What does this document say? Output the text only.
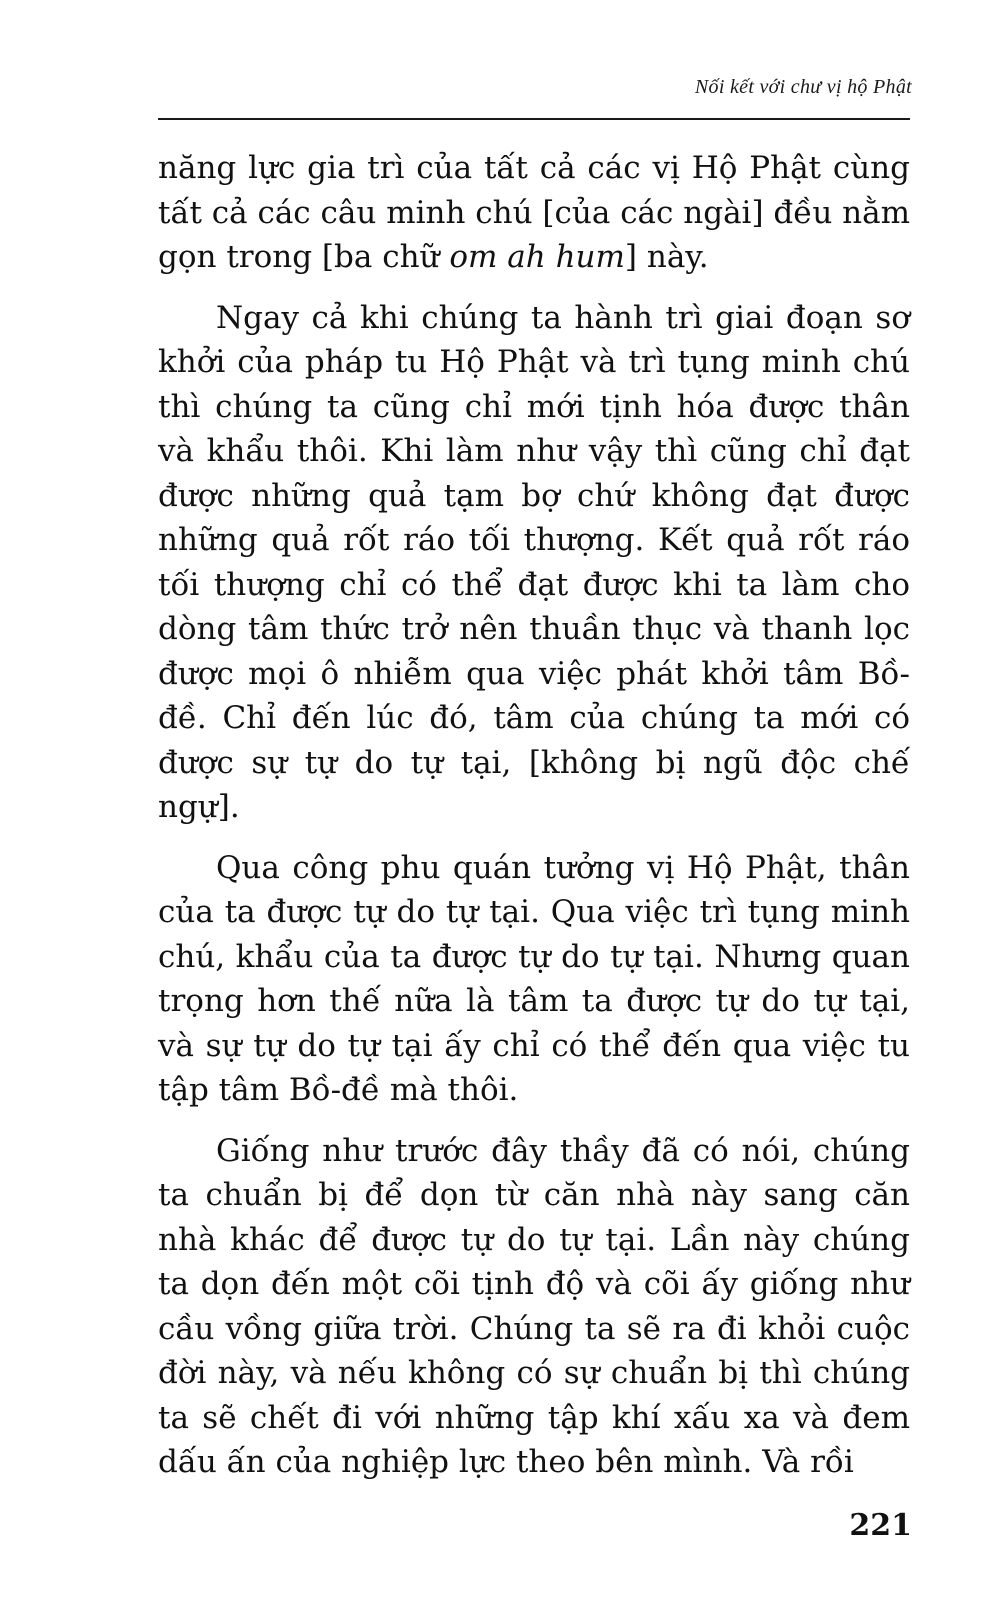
Nối kết với chư vị hộ Phật

năng lực gia trì của tất cả các vị Hộ Phật cùng tất cả các câu minh chú [của các ngài] đều nằm gọn trong [ba chữ om ah hum] này.

Ngay cả khi chúng ta hành trì giai đoạn sơ khởi của pháp tu Hộ Phật và trì tụng minh chú thì chúng ta cũng chỉ mới tịnh hóa được thân và khẩu thôi. Khi làm như vậy thì cũng chỉ đạt được những quả tạm bợ chứ không đạt được những quả rốt ráo tối thượng. Kết quả rốt ráo tối thượng chỉ có thể đạt được khi ta làm cho dòng tâm thức trở nên thuần thục và thanh lọc được mọi ô nhiễm qua việc phát khởi tâm Bồ-đề. Chỉ đến lúc đó, tâm của chúng ta mới có được sự tự do tự tại, [không bị ngũ độc chế ngự].

Qua công phu quán tưởng vị Hộ Phật, thân của ta được tự do tự tại. Qua việc trì tụng minh chú, khẩu của ta được tự do tự tại. Nhưng quan trọng hơn thế nữa là tâm ta được tự do tự tại, và sự tự do tự tại ấy chỉ có thể đến qua việc tu tập tâm Bồ-đề mà thôi.

Giống như trước đây thầy đã có nói, chúng ta chuẩn bị để dọn từ căn nhà này sang căn nhà khác để được tự do tự tại. Lần này chúng ta dọn đến một cõi tịnh độ và cõi ấy giống như cầu vồng giữa trời. Chúng ta sẽ ra đi khỏi cuộc đời này, và nếu không có sự chuẩn bị thì chúng ta sẽ chết đi với những tập khí xấu xa và đem dấu ấn của nghiệp lực theo bên mình. Và rồi

221
